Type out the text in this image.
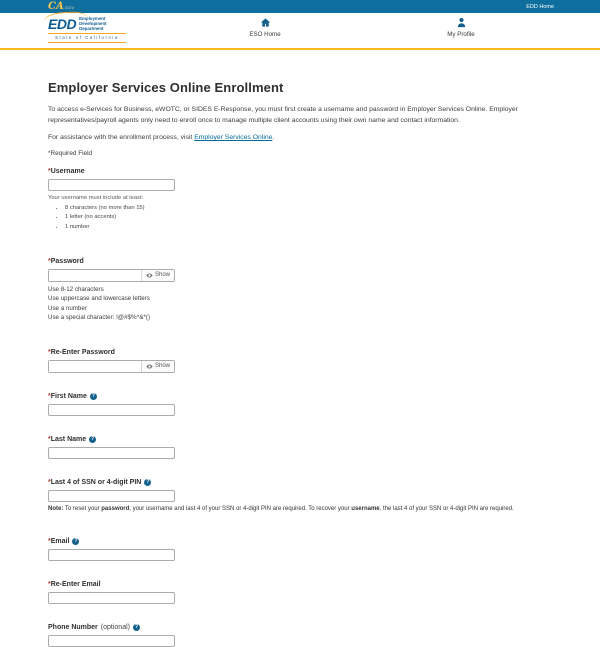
CA GOV	EDD Home
EDD Employment
Development
Department
State of California	ESO Home	My Profile
Employer Services Online Enrollment

To access e-Services for Business, eWOTC, or SIDES E-Response, you must first create a username and password in Employer Services Online. Employer representatives/payroll agents only need to enroll once to manage multiple client accounts using their own name and contact information.

For assistance with the enrollment process, visit Employer Services Online.

*Required Field
*Username
Your username must include at least:
• 8 characters (no more than 15)
• 1 letter (no accents)
• 1 number
*Password
Show
Use 8-12 characters
Use uppercase and lowercase letters
Use a number
Use a special character: !@#$%^&*()
*Re-Enter Password
Show
*First Name
?
*Last Name
?
*Last 4 of SSN or 4-digit PIN
?

Note: To reset your password, your username and last 4 of your SSN or 4-digit PIN are required. To recover your username, the last 4 of your SSN or 4-digit PIN are required.

*Email
?
*Re-Enter Email
Phone Number (optional)
?
